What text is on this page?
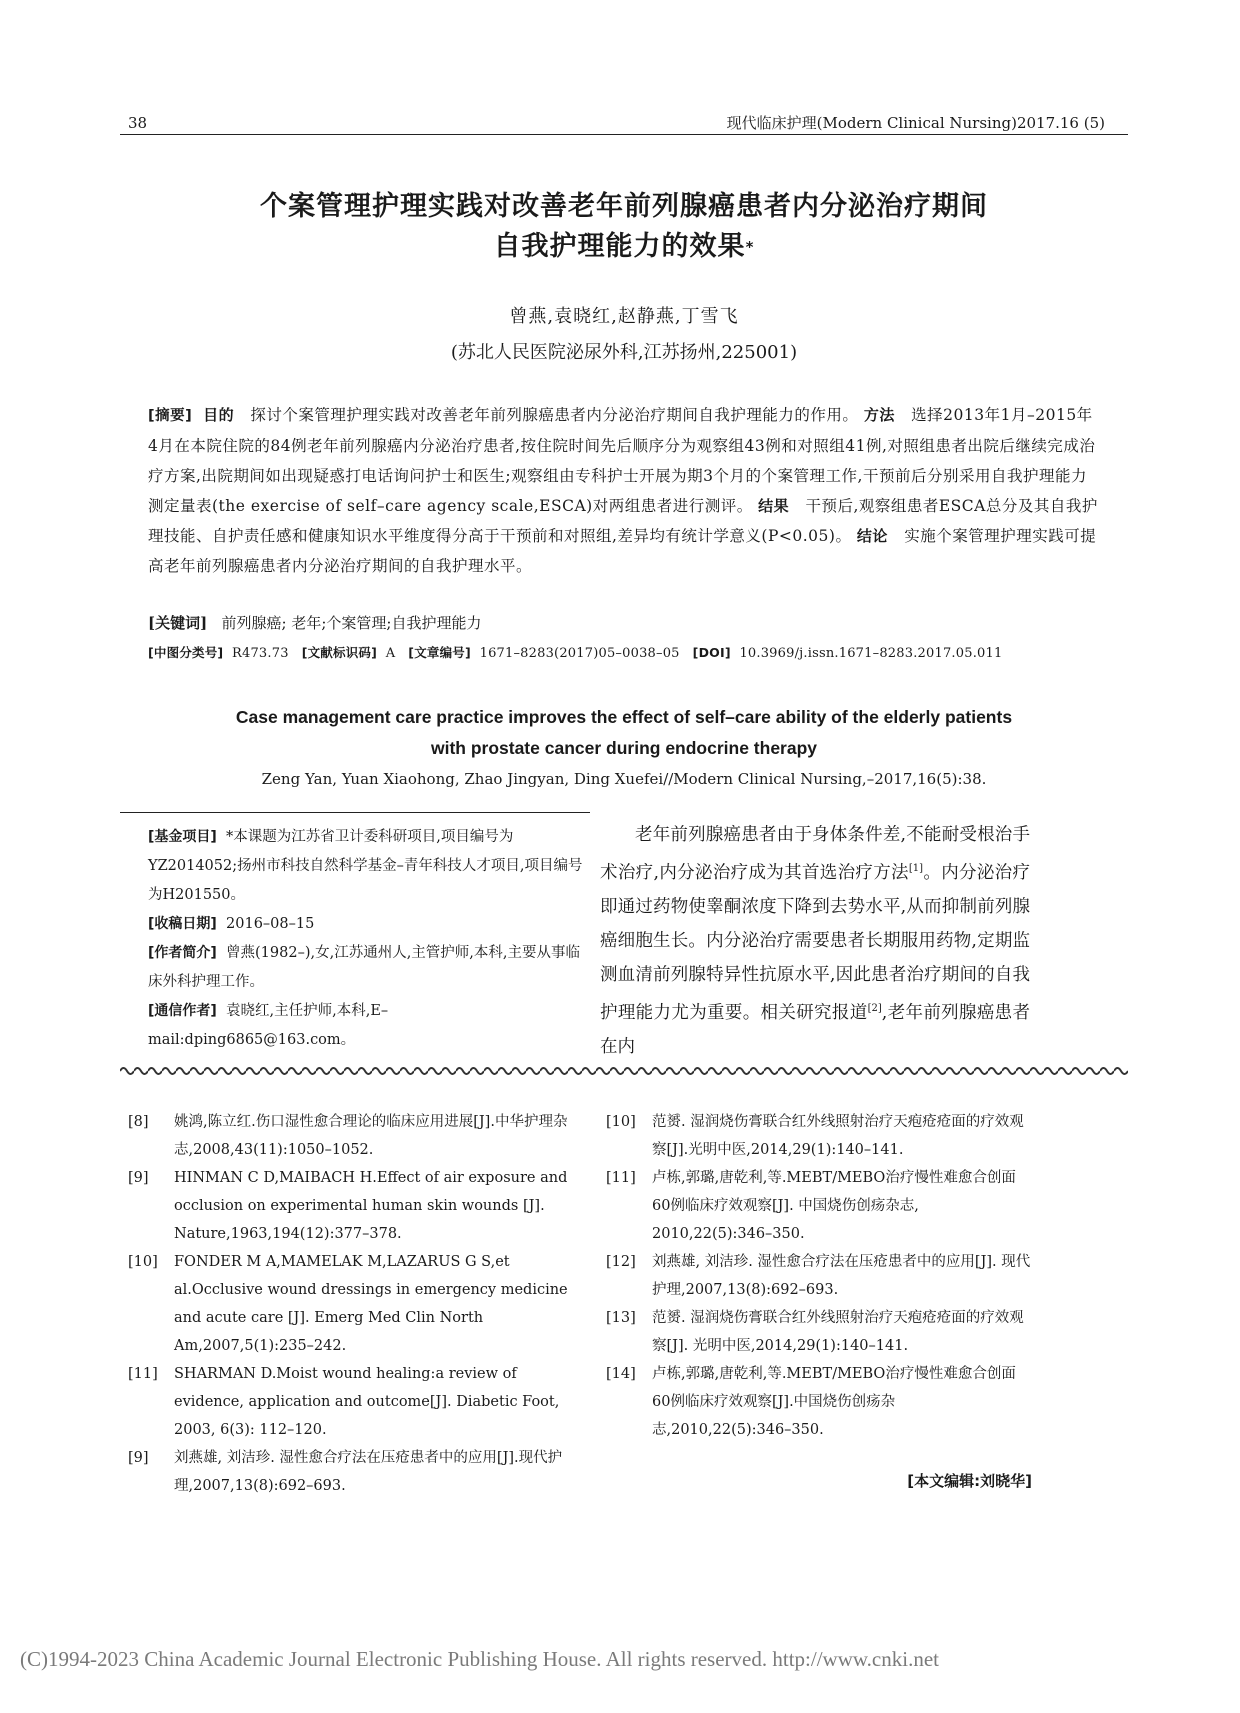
38	现代临床护理(Modern Clinical Nursing)2017.16 (5)
个案管理护理实践对改善老年前列腺癌患者内分泌治疗期间
自我护理能力的效果*
曾燕,袁晓红,赵静燕,丁雪飞
(苏北人民医院泌尿外科,江苏扬州,225001)
[摘要] 目的 探讨个案管理护理实践对改善老年前列腺癌患者内分泌治疗期间自我护理能力的作用。 方法 选择2013年1月–2015年4月在本院住院的84例老年前列腺癌内分泌治疗患者,按住院时间先后顺序分为观察组43例和对照组41例,对照组患者出院后继续完成治疗方案,出院期间如出现疑惑打电话询问护士和医生;观察组由专科护士开展为期3个月的个案管理工作,干预前后分别采用自我护理能力测定量表(the exercise of self–care agency scale,ESCA)对两组患者进行测评。 结果 干预后,观察组患者ESCA总分及其自我护理技能、自护责任感和健康知识水平维度得分高于干预前和对照组,差异均有统计学意义(P<0.05)。 结论 实施个案管理护理实践可提高老年前列腺癌患者内分泌治疗期间的自我护理水平。
[关键词] 前列腺癌; 老年;个案管理;自我护理能力
[中图分类号] R473.73 [文献标识码] A [文章编号] 1671–8283(2017)05–0038–05 [DOI] 10.3969/j.issn.1671–8283.2017.05.011
Case management care practice improves the effect of self–care ability of the elderly patients
with prostate cancer during endocrine therapy
Zeng Yan, Yuan Xiaohong, Zhao Jingyan, Ding Xuefei//Modern Clinical Nursing,–2017,16(5):38.

[基金项目] *本课题为江苏省卫计委科研项目,项目编号为YZ2014052;扬州市科技自然科学基金–青年科技人才项目,项目编号为H201550。

[收稿日期] 2016–08–15

[作者简介] 曾燕(1982–),女,江苏通州人,主管护师,本科,主要从事临床外科护理工作。

[通信作者] 袁晓红,主任护师,本科,E–mail:dping6865@163.com。

老年前列腺癌患者由于身体条件差,不能耐受根治手术治疗,内分泌治疗成为其首选治疗方法[1]。内分泌治疗即通过药物使睾酮浓度下降到去势水平,从而抑制前列腺癌细胞生长。内分泌治疗需要患者长期服用药物,定期监测血清前列腺特异性抗原水平,因此患者治疗期间的自我护理能力尤为重要。相关研究报道[2],老年前列腺癌患者在内
[8] 姚鸿,陈立红.伤口湿性愈合理论的临床应用进展[J].中华护理杂志,2008,43(11):1050–1052.
[9] HINMAN C D,MAIBACH H.Effect of air exposure and occlusion on experimental human skin wounds [J]. Nature,1963,194(12):377–378.
[10] FONDER M A,MAMELAK M,LAZARUS G S,et al.Occlusive wound dressings in emergency medicine and acute care [J]. Emerg Med Clin North Am,2007,5(1):235–242.
[11] SHARMAN D.Moist wound healing:a review of evidence, application and outcome[J]. Diabetic Foot, 2003, 6(3): 112–120.
[9] 刘燕雄, 刘洁珍. 湿性愈合疗法在压疮患者中的应用[J].现代护理,2007,13(8):692–693.
[10] 范赟. 湿润烧伤膏联合红外线照射治疗天疱疮疮面的疗效观察[J].光明中医,2014,29(1):140–141.
[11] 卢栋,郭璐,唐乾利,等.MEBT/MEBO治疗慢性难愈合创面60例临床疗效观察[J]. 中国烧伤创疡杂志, 2010,22(5):346–350.
[12] 刘燕雄, 刘洁珍. 湿性愈合疗法在压疮患者中的应用[J]. 现代护理,2007,13(8):692–693.
[13] 范赟. 湿润烧伤膏联合红外线照射治疗天疱疮疮面的疗效观察[J]. 光明中医,2014,29(1):140–141.
[14] 卢栋,郭璐,唐乾利,等.MEBT/MEBO治疗慢性难愈合创面60例临床疗效观察[J].中国烧伤创疡杂志,2010,22(5):346–350.
[本文编辑:刘晓华]
(C)1994-2023 China Academic Journal Electronic Publishing House. All rights reserved. http://www.cnki.net
